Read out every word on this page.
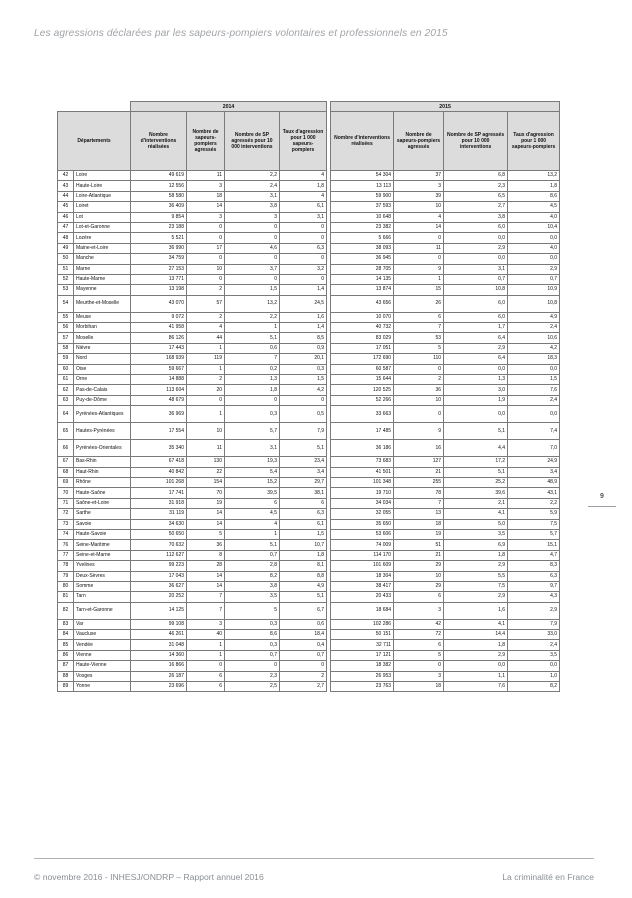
Les agressions déclarées par les sapeurs-pompiers volontaires et professionnels en 2015
		2014					2015			
Départements		Nombre d'interventions réalisées	Nombre de sapeurs-pompiers agressés	Nombre de SP agressés pour 10 000 interventions	Taux d'agression pour 1 000 sapeurs-pompiers		Nombre d'interventions réalisées	Nombre de sapeurs-pompiers agressés	Nombre de SP agressés pour 10 000 interventions	Taux d'agression pour 1 000 sapeurs-pompiers
42	Loire	49 619	11	2,2	4		54 304	37	6,8	13,2
43	Haute-Loire	12 556	3	2,4	1,8		13 113	3	2,3	1,8
44	Loire-Atlantique	58 580	18	3,1	4		59 900	39	6,5	8,6
45	Loiret	36 409	14	3,8	6,1		37 593	10	2,7	4,5
46	Lot	9 854	3	3	3,1		10 648	4	3,8	4,0
47	Lot-et-Garonne	23 188	0	0	0		23 382	14	6,0	10,4
48	Lozère	5 521	0	0	0		5 666	0	0,0	0,0
49	Maine-et-Loire	36 990	17	4,6	6,3		38 093	11	2,9	4,0
50	Manche	34 759	0	0	0		36 945	0	0,0	0,0
51	Marne	27 153	10	3,7	3,2		28 705	9	3,1	2,9
52	Haute-Marne	13 771	0	0	0		14 135	1	0,7	0,7
53	Mayenne	13 198	2	1,5	1,4		13 874	15	10,8	10,9
54	Meurthe-et-Moselle	43 070	57	13,2	24,5		43 656	26	6,0	10,8
55	Meuse	9 072	2	2,2	1,6		10 070	6	6,0	4,9
56	Morbihan	41 958	4	1	1,4		40 732	7	1,7	2,4
57	Moselle	86 126	44	5,1	8,5		83 029	53	6,4	10,6
58	Nièvre	17 443	1	0,6	0,9		17 051	5	2,9	4,2
59	Nord	168 939	119	7	20,1		172 690	110	6,4	18,3
60	Oise	59 667	1	0,2	0,3		60 587	0	0,0	0,0
61	Orne	14 888	2	1,3	1,5		15 644	2	1,3	1,5
62	Pas-de-Calais	113 604	20	1,8	4,2		120 525	36	3,0	7,6
63	Puy-de-Dôme	48 679	0	0	0		52 266	10	1,9	2,4
64	Pyrénées-Atlantiques	36 969	1	0,3	0,5		33 663	0	0,0	0,0
65	Hautes-Pyrénées	17 554	10	5,7	7,9		17 485	9	5,1	7,4
66	Pyrénées-Orientales	35 340	11	3,1	5,1		36 186	16	4,4	7,0
67	Bas-Rhin	67 418	130	19,3	23,4		73 683	127	17,2	24,9
68	Haut-Rhin	40 842	22	5,4	3,4		41 501	21	5,1	3,4
69	Rhône	101 268	154	15,2	29,7		101 348	255	25,2	48,9
70	Haute-Saône	17 741	70	39,5	38,1		19 710	78	39,6	43,1
71	Saône-et-Loire	31 918	19	6	6		34 034	7	2,1	2,2
72	Sarthe	31 119	14	4,5	6,3		32 055	13	4,1	5,9
73	Savoie	34 630	14	4	6,1		35 650	18	5,0	7,5
74	Haute-Savoie	50 650	5	1	1,5		53 606	19	3,5	5,7
76	Seine-Maritime	70 632	36	5,1	10,7		74 009	51	6,9	15,1
77	Seine-et-Marne	112 627	8	0,7	1,8		114 170	21	1,8	4,7
78	Yvelines	99 223	28	2,8	8,1		101 609	29	2,9	8,3
79	Deux-Sèvres	17 043	14	8,2	8,8		18 304	10	5,5	6,3
80	Somme	36 627	14	3,8	4,9		38 417	29	7,5	9,7
81	Tarn	20 252	7	3,5	5,1		20 433	6	2,9	4,3
82	Tarn-et-Garonne	14 125	7	5	6,7		18 684	3	1,6	2,9
83	Var	99 108	3	0,3	0,6		102 286	42	4,1	7,9
84	Vaucluse	46 261	40	8,6	18,4		50 151	72	14,4	33,0
85	Vendée	31 048	1	0,3	0,4		32 711	6	1,8	2,4
86	Vienne	14 360	1	0,7	0,7		17 121	5	2,9	3,5
87	Haute-Vienne	16 866	0	0	0		18 382	0	0,0	0,0
88	Vosges	26 187	6	2,3	2		26 953	3	1,1	1,0
89	Yonne	23 696	6	2,5	2,7		23 763	18	7,6	8,2
9
© novembre 2016 - INHESJ/ONDRP – Rapport annuel 2016	La criminalité en France
